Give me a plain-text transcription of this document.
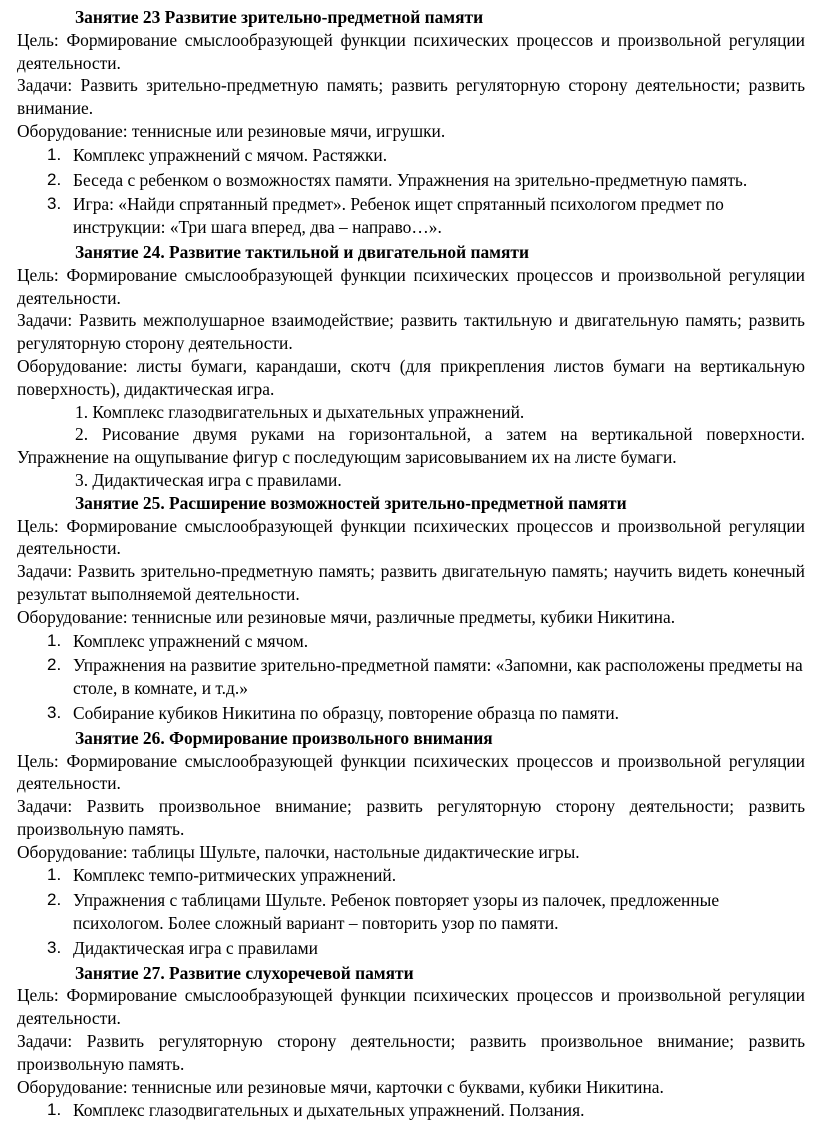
Занятие 23 Развитие зрительно-предметной памяти

Цель: Формирование смыслообразующей функции психических процессов и произвольной регуляции деятельности.

Задачи: Развить зрительно-предметную память; развить регуляторную сторону деятельности; развить внимание.

Оборудование: теннисные или резиновые мячи, игрушки.

1. Комплекс упражнений с мячом. Растяжки.
2. Беседа с ребенком о возможностях памяти. Упражнения на зрительно-предметную память.
3. Игра: «Найди спрятанный предмет». Ребенок ищет спрятанный психологом предмет по инструкции: «Три шага вперед, два – направо…».

Занятие 24. Развитие тактильной и двигательной памяти

Цель: Формирование смыслообразующей функции психических процессов и произвольной регуляции деятельности.

Задачи: Развить межполушарное взаимодействие; развить тактильную и двигательную память; развить регуляторную сторону деятельности.

Оборудование: листы бумаги, карандаши, скотч (для прикрепления листов бумаги на вертикальную поверхность), дидактическая игра.

1. Комплекс глазодвигательных и дыхательных упражнений.

2. Рисование двумя руками на горизонтальной, а затем на вертикальной поверхности. Упражнение на ощупывание фигур с последующим зарисовыванием их на листе бумаги.

3. Дидактическая игра с правилами.

Занятие 25. Расширение возможностей зрительно-предметной памяти

Цель: Формирование смыслообразующей функции психических процессов и произвольной регуляции деятельности.

Задачи: Развить зрительно-предметную память; развить двигательную память; научить видеть конечный результат выполняемой деятельности.

Оборудование: теннисные или резиновые мячи, различные предметы, кубики Никитина.

1. Комплекс упражнений с мячом.
2. Упражнения на развитие зрительно-предметной памяти: «Запомни, как расположены предметы на столе, в комнате, и т.д.»
3. Собирание кубиков Никитина по образцу, повторение образца по памяти.

Занятие 26. Формирование произвольного внимания

Цель: Формирование смыслообразующей функции психических процессов и произвольной регуляции деятельности.

Задачи: Развить произвольное внимание; развить регуляторную сторону деятельности; развить произвольную память.

Оборудование: таблицы Шульте, палочки, настольные дидактические игры.

1. Комплекс темпо-ритмических упражнений.
2. Упражнения с таблицами Шульте. Ребенок повторяет узоры из палочек, предложенные психологом. Более сложный вариант – повторить узор по памяти.
3. Дидактическая игра с правилами

Занятие 27. Развитие слухоречевой памяти

Цель: Формирование смыслообразующей функции психических процессов и произвольной регуляции деятельности.

Задачи: Развить регуляторную сторону деятельности; развить произвольное внимание; развить произвольную память.

Оборудование: теннисные или резиновые мячи, карточки с буквами, кубики Никитина.

1. Комплекс глазодвигательных и дыхательных упражнений. Ползания.
